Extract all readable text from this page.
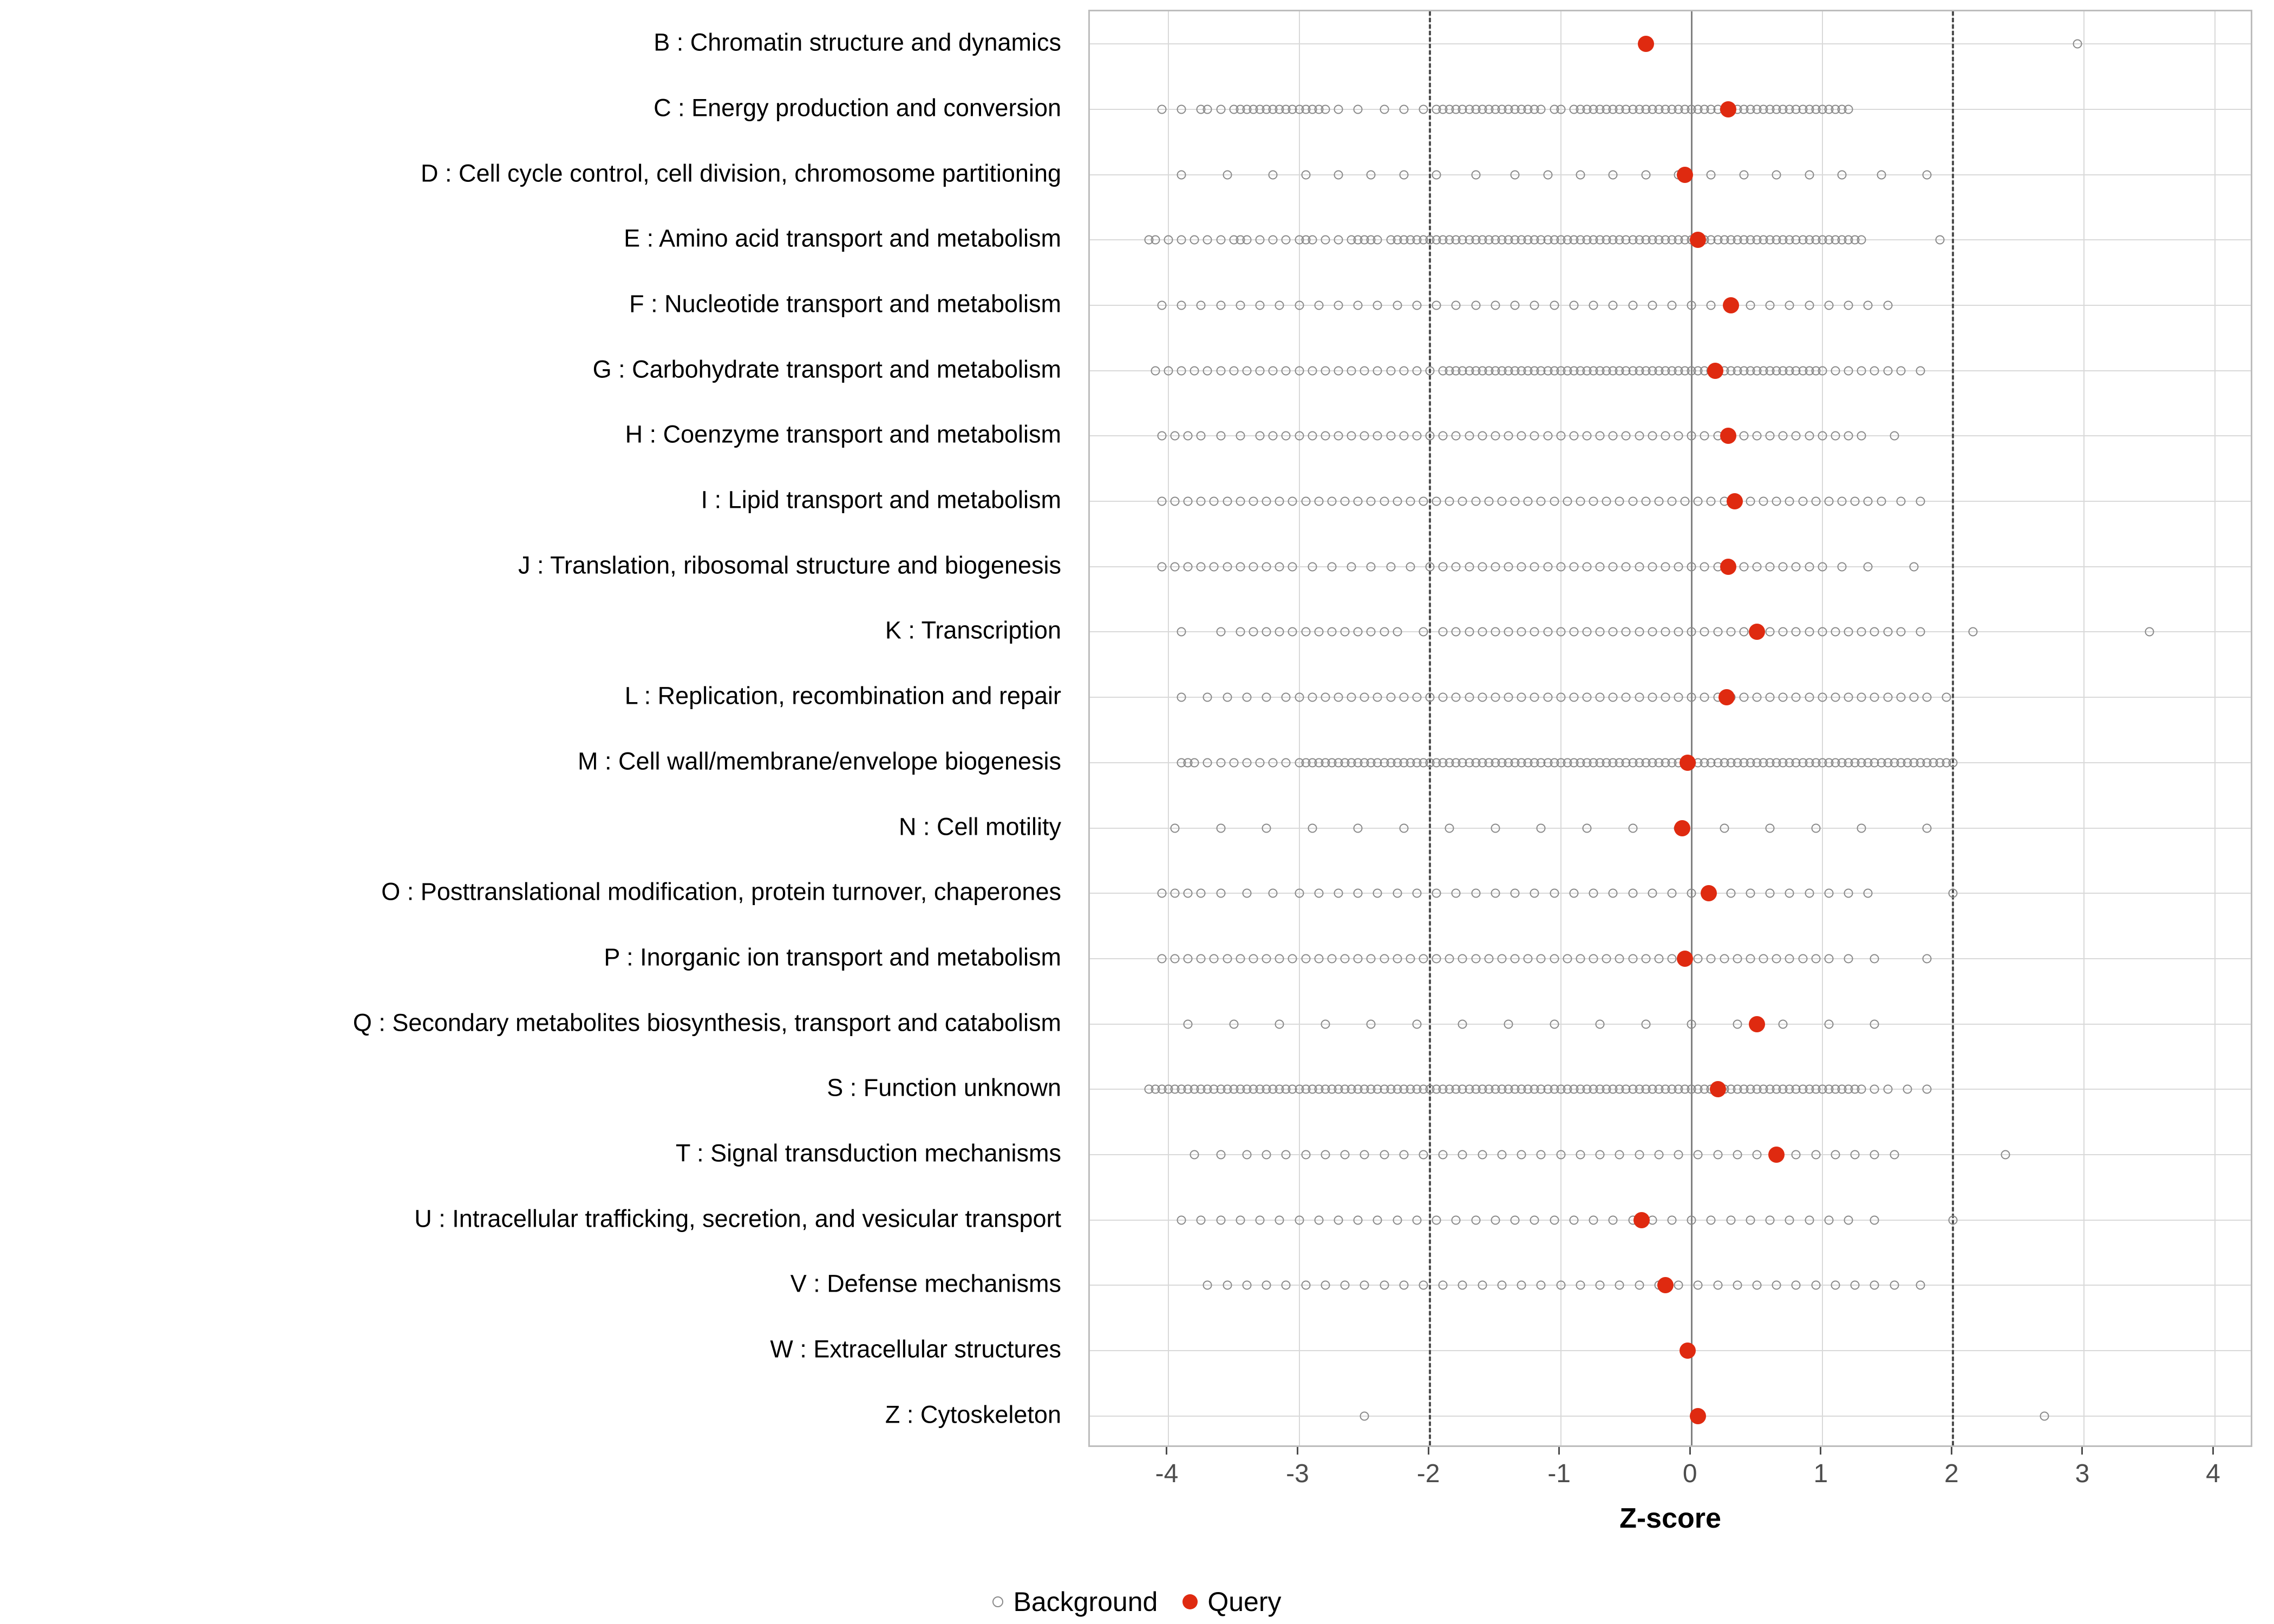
B : Chromatin structure and dynamics
C : Energy production and conversion
D : Cell cycle control, cell division, chromosome partitioning
E : Amino acid transport and metabolism
F : Nucleotide transport and metabolism
G : Carbohydrate transport and metabolism
H : Coenzyme transport and metabolism
I : Lipid transport and metabolism
J : Translation, ribosomal structure and biogenesis
K : Transcription
L : Replication, recombination and repair
M : Cell wall/membrane/envelope biogenesis
N : Cell motility
O : Posttranslational modification, protein turnover, chaperones
P : Inorganic ion transport and metabolism
Q : Secondary metabolites biosynthesis, transport and catabolism
S : Function unknown
T : Signal transduction mechanisms
U : Intracellular trafficking, secretion, and vesicular transport
V : Defense mechanisms
W : Extracellular structures
Z : Cytoskeleton
-4	-3	-2	-1	0	1	2	3	4
Z-score
Background Query
